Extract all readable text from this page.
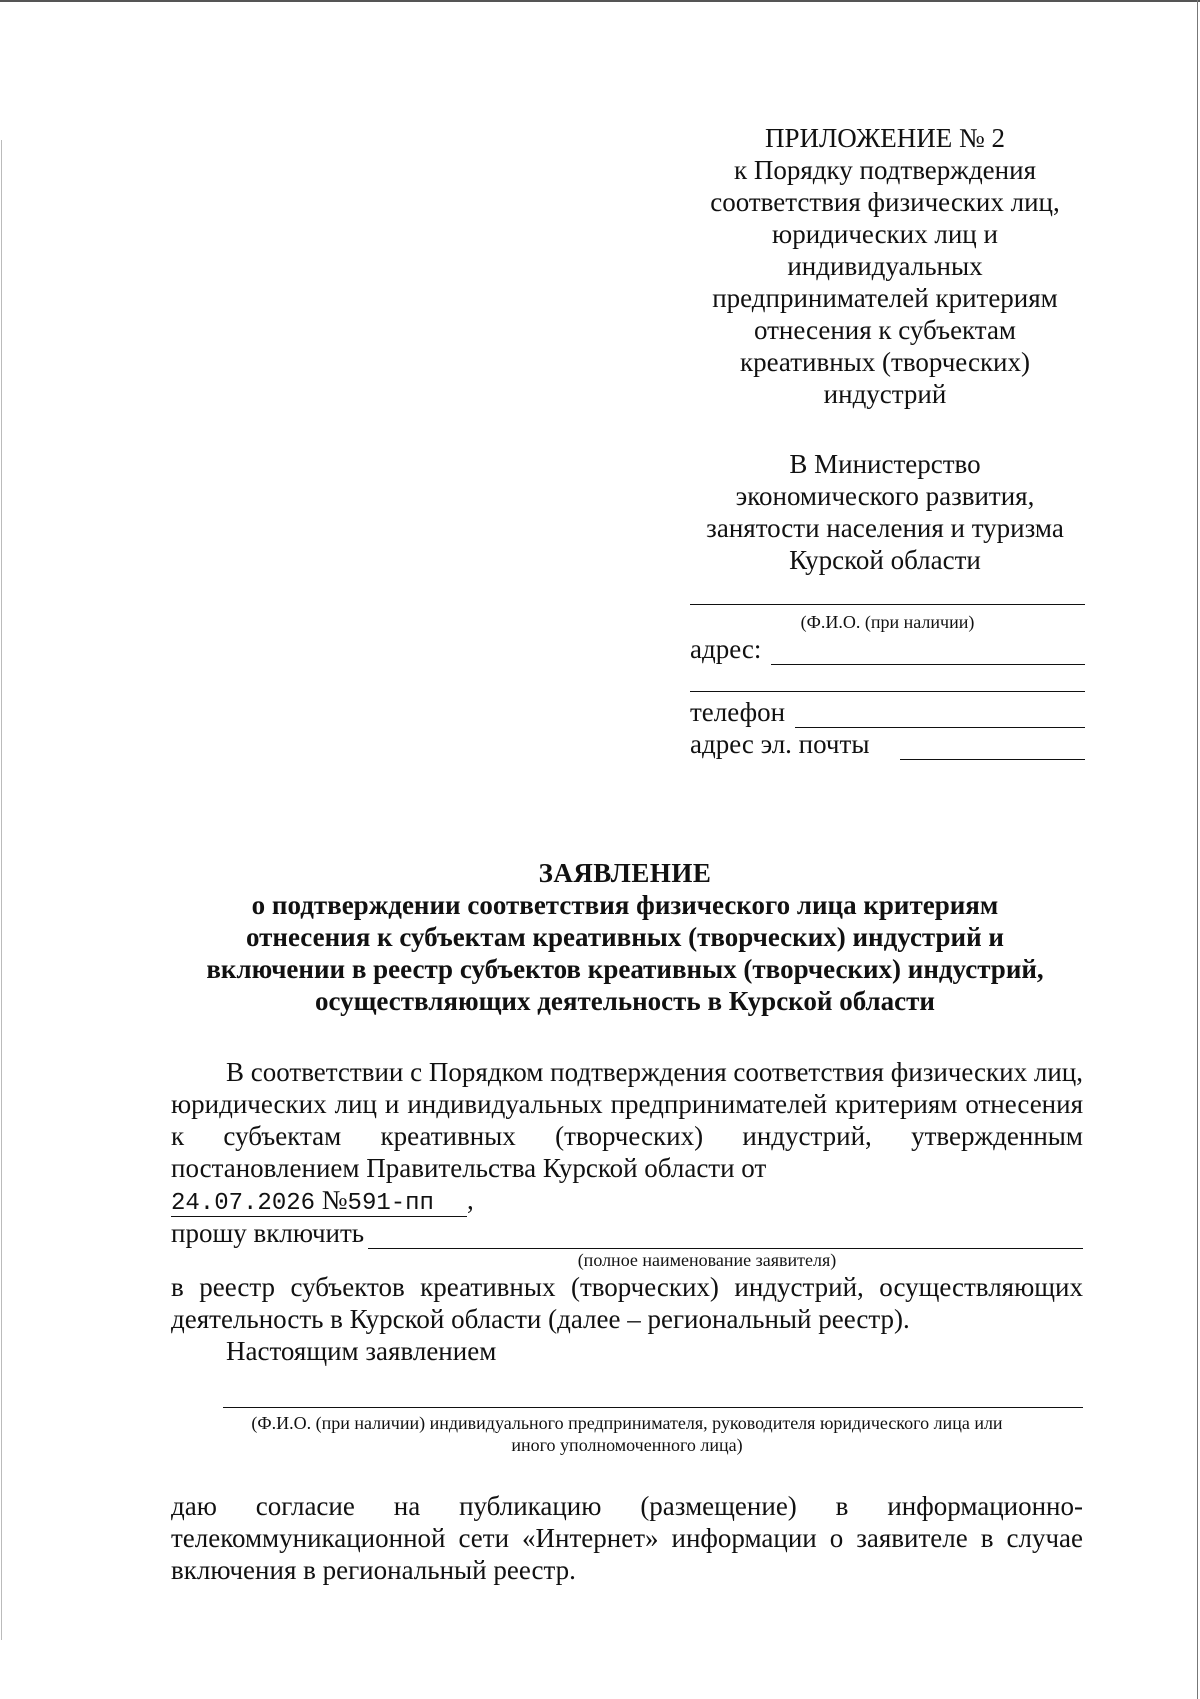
ПРИЛОЖЕНИЕ № 2
к Порядку подтверждения
соответствия физических лиц,
юридических лиц и
индивидуальных
предпринимателей критериям
отнесения к субъектам
креативных (творческих)
индустрий
В Министерство
экономического развития,
занятости населения и туризма
Курской области
(Ф.И.О. (при наличии)
адрес:
телефон
адрес эл. почты
ЗАЯВЛЕНИЕ
о подтверждении соответствия физического лица критериям
отнесения к субъектам креативных (творческих) индустрий и
включении в реестр субъектов креативных (творческих) индустрий,
осуществляющих деятельность в Курской области
В соответствии с Порядком подтверждения соответствия физических лиц, юридических лиц и индивидуальных предпринимателей критериям отнесения к субъектам креативных (творческих) индустрий, утвержденным постановлением Правительства Курской области от
24.07.2026 №591-пп ,
прошу включить
(полное наименование заявителя)
в реестр субъектов креативных (творческих) индустрий, осуществляющих деятельность в Курской области (далее – региональный реестр).
Настоящим заявлением
(Ф.И.О. (при наличии) индивидуального предпринимателя, руководителя юридического лица или
иного уполномоченного лица)
даю согласие на публикацию (размещение) в информационно-телекоммуникационной сети «Интернет» информации о заявителе в случае включения в региональный реестр.
